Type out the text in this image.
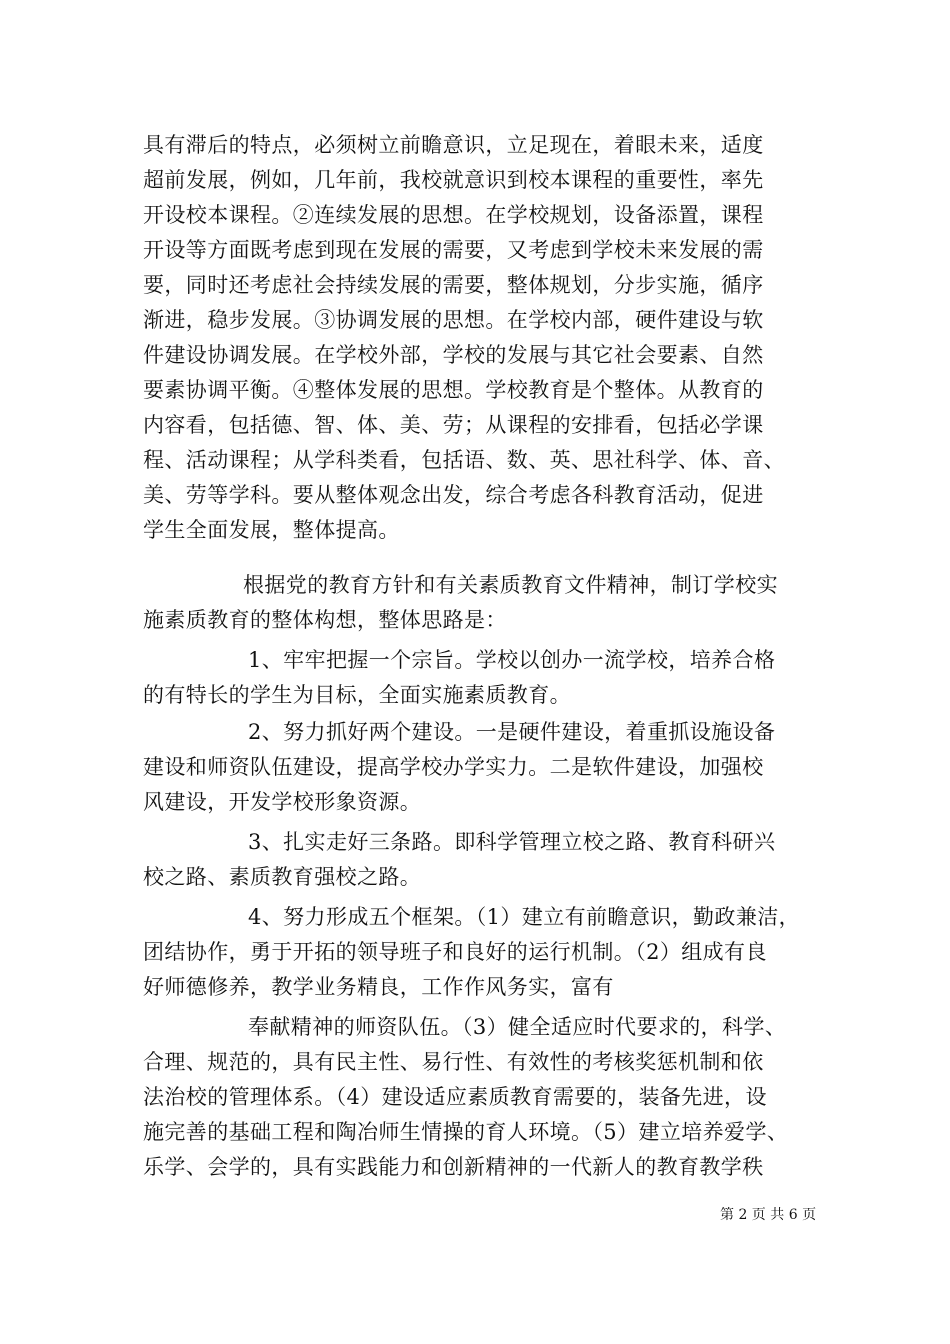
具有滞后的特点，必须树立前瞻意识，立足现在，着眼未来，适度
超前发展，例如，几年前，我校就意识到校本课程的重要性，率先
开设校本课程。②连续发展的思想。在学校规划，设备添置，课程
开设等方面既考虑到现在发展的需要，又考虑到学校未来发展的需
要，同时还考虑社会持续发展的需要，整体规划，分步实施，循序
渐进，稳步发展。③协调发展的思想。在学校内部，硬件建设与软
件建设协调发展。在学校外部，学校的发展与其它社会要素、自然
要素协调平衡。④整体发展的思想。学校教育是个整体。从教育的
内容看，包括德、智、体、美、劳；从课程的安排看，包括必学课
程、活动课程；从学科类看，包括语、数、英、思社科学、体、音、
美、劳等学科。要从整体观念出发，综合考虑各科教育活动，促进
学生全面发展，整体提高。
根据党的教育方针和有关素质教育文件精神，制订学校实
施素质教育的整体构想，整体思路是：
1、牢牢把握一个宗旨。学校以创办一流学校，培养合格
的有特长的学生为目标，全面实施素质教育。
2、努力抓好两个建设。一是硬件建设，着重抓设施设备
建设和师资队伍建设，提高学校办学实力。二是软件建设，加强校
风建设，开发学校形象资源。
3、扎实走好三条路。即科学管理立校之路、教育科研兴
校之路、素质教育强校之路。
4、努力形成五个框架。（1）建立有前瞻意识，勤政兼洁，
团结协作，勇于开拓的领导班子和良好的运行机制。（2）组成有良
好师德修养，教学业务精良，工作作风务实，富有
奉献精神的师资队伍。（3）健全适应时代要求的，科学、
合理、规范的，具有民主性、易行性、有效性的考核奖惩机制和依
法治校的管理体系。（4）建设适应素质教育需要的，装备先进，设
施完善的基础工程和陶冶师生情操的育人环境。（5）建立培养爱学、
乐学、会学的，具有实践能力和创新精神的一代新人的教育教学秩
第 2 页 共 6 页
